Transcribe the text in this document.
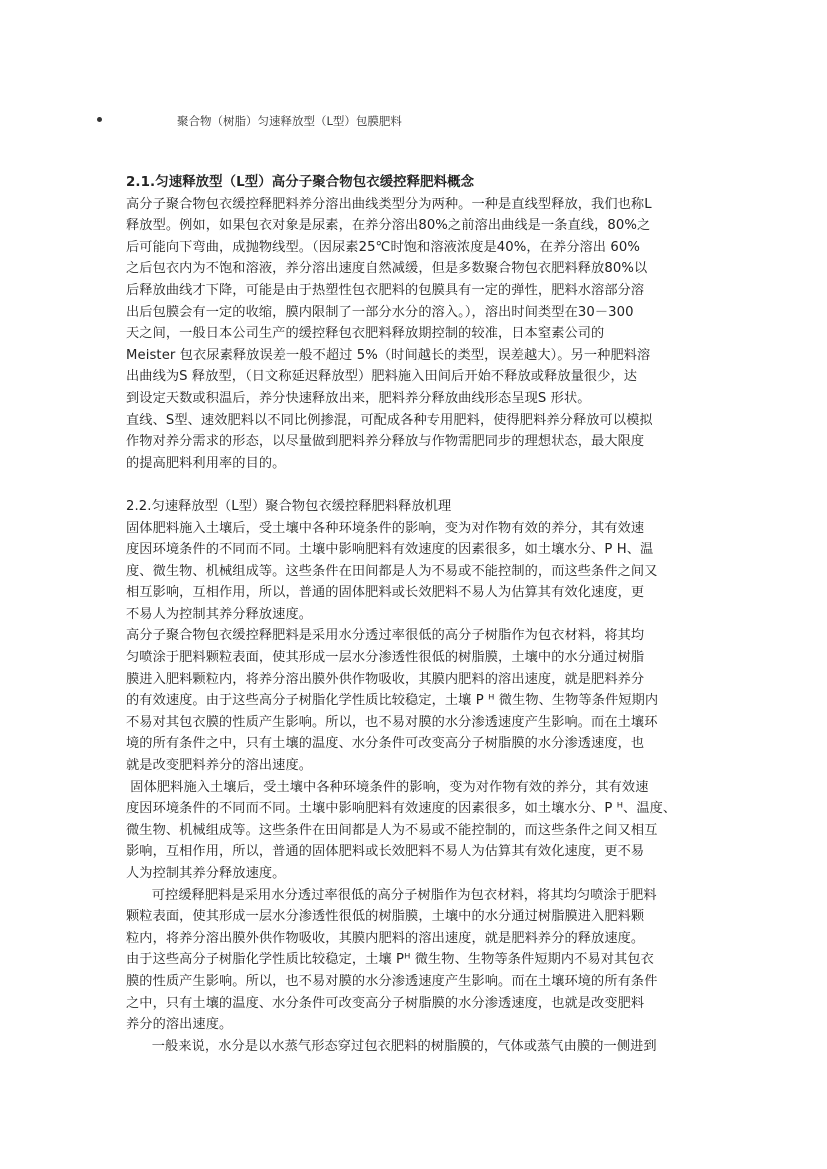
聚合物（树脂）匀速释放型（L型）包膜肥料
2.1.匀速释放型（L型）高分子聚合物包衣缓控释肥料概念
高分子聚合物包衣缓控释肥料养分溶出曲线类型分为两种。一种是直线型释放，我们也称L
释放型。例如，如果包衣对象是尿素，在养分溶出80%之前溶出曲线是一条直线，80%之
后可能向下弯曲，成抛物线型。（因尿素25℃时饱和溶液浓度是40%，在养分溶出 60%
之后包衣内为不饱和溶液，养分溶出速度自然减缓，但是多数聚合物包衣肥料释放80%以
后释放曲线才下降，可能是由于热塑性包衣肥料的包膜具有一定的弹性，肥料水溶部分溶
出后包膜会有一定的收缩，膜内限制了一部分水分的溶入。），溶出时间类型在30－300
天之间，一般日本公司生产的缓控释包衣肥料释放期控制的较准，日本窒素公司的
Meister 包衣尿素释放误差一般不超过 5%（时间越长的类型，误差越大）。另一种肥料溶
出曲线为S 释放型，（日文称延迟释放型）肥料施入田间后开始不释放或释放量很少，达
到设定天数或积温后，养分快速释放出来，肥料养分释放曲线形态呈现S 形状。
直线、S型、速效肥料以不同比例掺混，可配成各种专用肥料，使得肥料养分释放可以模拟
作物对养分需求的形态，以尽量做到肥料养分释放与作物需肥同步的理想状态，最大限度
的提高肥料利用率的目的。
2.2.匀速释放型（L型）聚合物包衣缓控释肥料释放机理
固体肥料施入土壤后，受土壤中各种环境条件的影响，变为对作物有效的养分，其有效速
度因环境条件的不同而不同。土壤中影响肥料有效速度的因素很多，如土壤水分、P H、温
度、微生物、机械组成等。这些条件在田间都是人为不易或不能控制的，而这些条件之间又
相互影响，互相作用，所以，普通的固体肥料或长效肥料不易人为估算其有效化速度，更
不易人为控制其养分释放速度。
高分子聚合物包衣缓控释肥料是采用水分透过率很低的高分子树脂作为包衣材料，将其均
匀喷涂于肥料颗粒表面，使其形成一层水分渗透性很低的树脂膜，土壤中的水分通过树脂
膜进入肥料颗粒内，将养分溶出膜外供作物吸收，其膜内肥料的溶出速度，就是肥料养分
的有效速度。由于这些高分子树脂化学性质比较稳定，土壤 P ᴴ 微生物、生物等条件短期内
不易对其包衣膜的性质产生影响。所以，也不易对膜的水分渗透速度产生影响。而在土壤环
境的所有条件之中，只有土壤的温度、水分条件可改变高分子树脂膜的水分渗透速度，也
就是改变肥料养分的溶出速度。
固体肥料施入土壤后，受土壤中各种环境条件的影响，变为对作物有效的养分，其有效速
度因环境条件的不同而不同。土壤中影响肥料有效速度的因素很多，如土壤水分、P ᴴ、温度、
微生物、机械组成等。这些条件在田间都是人为不易或不能控制的，而这些条件之间又相互
影响，互相作用，所以，普通的固体肥料或长效肥料不易人为估算其有效化速度，更不易
人为控制其养分释放速度。
可控缓释肥料是采用水分透过率很低的高分子树脂作为包衣材料，将其均匀喷涂于肥料
颗粒表面，使其形成一层水分渗透性很低的树脂膜，土壤中的水分通过树脂膜进入肥料颗
粒内，将养分溶出膜外供作物吸收，其膜内肥料的溶出速度，就是肥料养分的释放速度。
由于这些高分子树脂化学性质比较稳定，土壤 Pᴴ 微生物、生物等条件短期内不易对其包衣
膜的性质产生影响。所以，也不易对膜的水分渗透速度产生影响。而在土壤环境的所有条件
之中，只有土壤的温度、水分条件可改变高分子树脂膜的水分渗透速度，也就是改变肥料
养分的溶出速度。
一般来说，水分是以水蒸气形态穿过包衣肥料的树脂膜的，气体或蒸气由膜的一侧进到
